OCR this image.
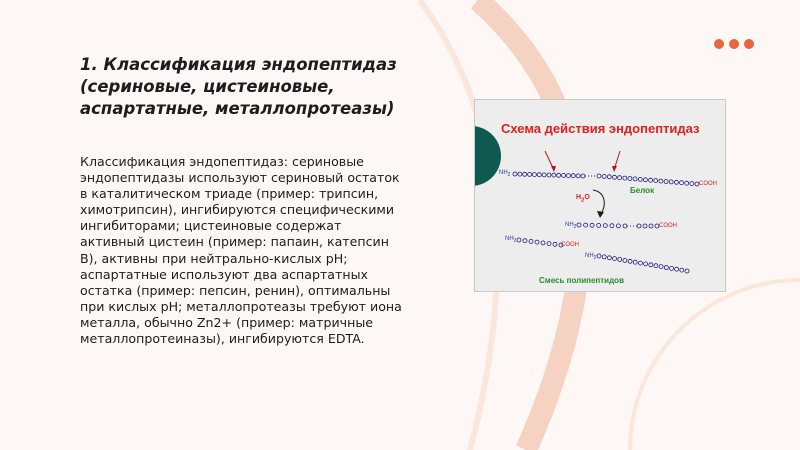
1. Классификация эндопептидаз (сериновые, цистеиновые, аспартатные, металлопротеазы)

Классификация эндопептидаз: сериновые эндопептидазы используют сериновый остаток в каталитическом триаде (пример: трипсин, химотрипсин), ингибируются специфическими ингибиторами; цистеиновые содержат активный цистеин (пример: папаин, катепсин B), активны при нейтрально-кислых pH; аспартатные используют два аспартатных остатка (пример: пепсин, ренин), оптимальны при кислых pH; металлопротеазы требуют иона металла, обычно Zn2+ (пример: матричные металлопротеиназы), ингибируются EDTA.

Схема действия эндопептидаз
$NH_2$
COOH
$H_2O$
Белок
$NH_2$	COOH
$NH_2$
COOH
$NH_2$
Смесь полипептидов
